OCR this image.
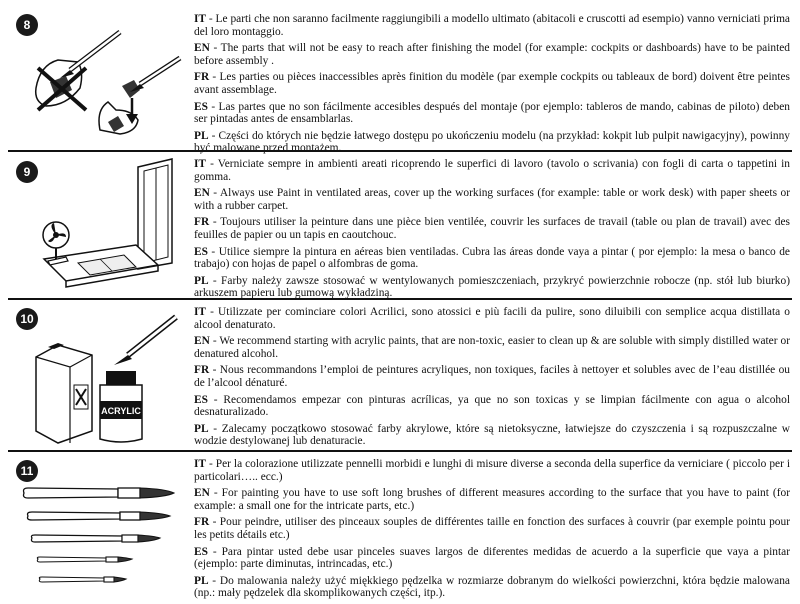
8	IT - Le parti che non saranno facilmente raggiungibili a modello ultimato (abitacoli e cruscotti ad esempio) vanno verniciati prima del loro montaggio.

EN - The parts that will not be easy to reach after finishing the model (for example: cockpits or dashboards) have to be painted before assembly .

FR - Les parties ou pièces inaccessibles après finition du modèle (par exemple cockpits ou tableaux de bord) doivent être peintes avant assemblage.

ES - Las partes que no son fácilmente accesibles después del montaje (por ejemplo: tableros de mando, cabinas de piloto) deben ser pintadas antes de ensamblarlas.

PL - Części do których nie będzie łatwego dostępu po ukończeniu modelu (na przykład: kokpit lub pulpit nawigacyjny), powinny być malowane przed montażem.

9

IT - Verniciate sempre in ambienti areati ricoprendo le superfici di lavoro (tavolo o scrivania) con fogli di carta o tappetini in gomma.

EN - Always use Paint in ventilated areas, cover up the working surfaces (for example: table or work desk) with paper sheets or with a rubber carpet.

FR - Toujours utiliser la peinture dans une pièce bien ventilée, couvrir les surfaces de travail (table ou plan de travail) avec des feuilles de papier ou un tapis en caoutchouc.

ES - Utilice siempre la pintura en aéreas bien ventiladas. Cubra las áreas donde vaya a pintar ( por ejemplo: la mesa o banco de trabajo) con hojas de papel o alfombras de goma.

PL - Farby należy zawsze stosować w wentylowanych pomieszczeniach, przykryć powierzchnie robocze (np. stół lub biurko) arkuszem papieru lub gumową wykładziną.

10
ACRYLIC

IT - Utilizzate per cominciare colori Acrilici, sono atossici e più facili da pulire, sono diluibili con semplice acqua distillata o alcool denaturato.

EN - We recommend starting with acrylic paints, that are non-toxic, easier to clean up & are soluble with simply distilled water or denatured alcohol.

FR - Nous recommandons l’emploi de peintures acryliques, non toxiques, faciles à nettoyer et solubles avec de l’eau distillée ou de l’alcool dénaturé.

ES - Recomendamos empezar con pinturas acrílicas, ya que no son toxicas y se limpian fácilmente con agua o alcohol desnaturalizado.

PL - Zalecamy początkowo stosować farby akrylowe, które są nietoksyczne, łatwiejsze do czyszczenia i są rozpuszczalne w wodzie destylowanej lub denaturacie.

11	IT - Per la colorazione utilizzate pennelli morbidi e lunghi di misure diverse a seconda della superfice da verniciare ( piccolo per i particolari….. ecc.)

EN - For painting you have to use soft long brushes of different measures according to the surface that you have to paint (for example: a small one for the intricate parts, etc.)

FR - Pour peindre, utiliser des pinceaux souples de différentes taille en fonction des surfaces à couvrir (par exemple pointu pour les petits détails etc.)

ES - Para pintar usted debe usar pinceles suaves largos de diferentes medidas de acuerdo a la superficie que vaya a pintar (ejemplo: parte diminutas, intrincadas, etc.)

PL - Do malowania należy użyć miękkiego pędzelka w rozmiarze dobranym do wielkości powierzchni, która będzie malowana (np.: mały pędzelek dla skomplikowanych części, itp.).
